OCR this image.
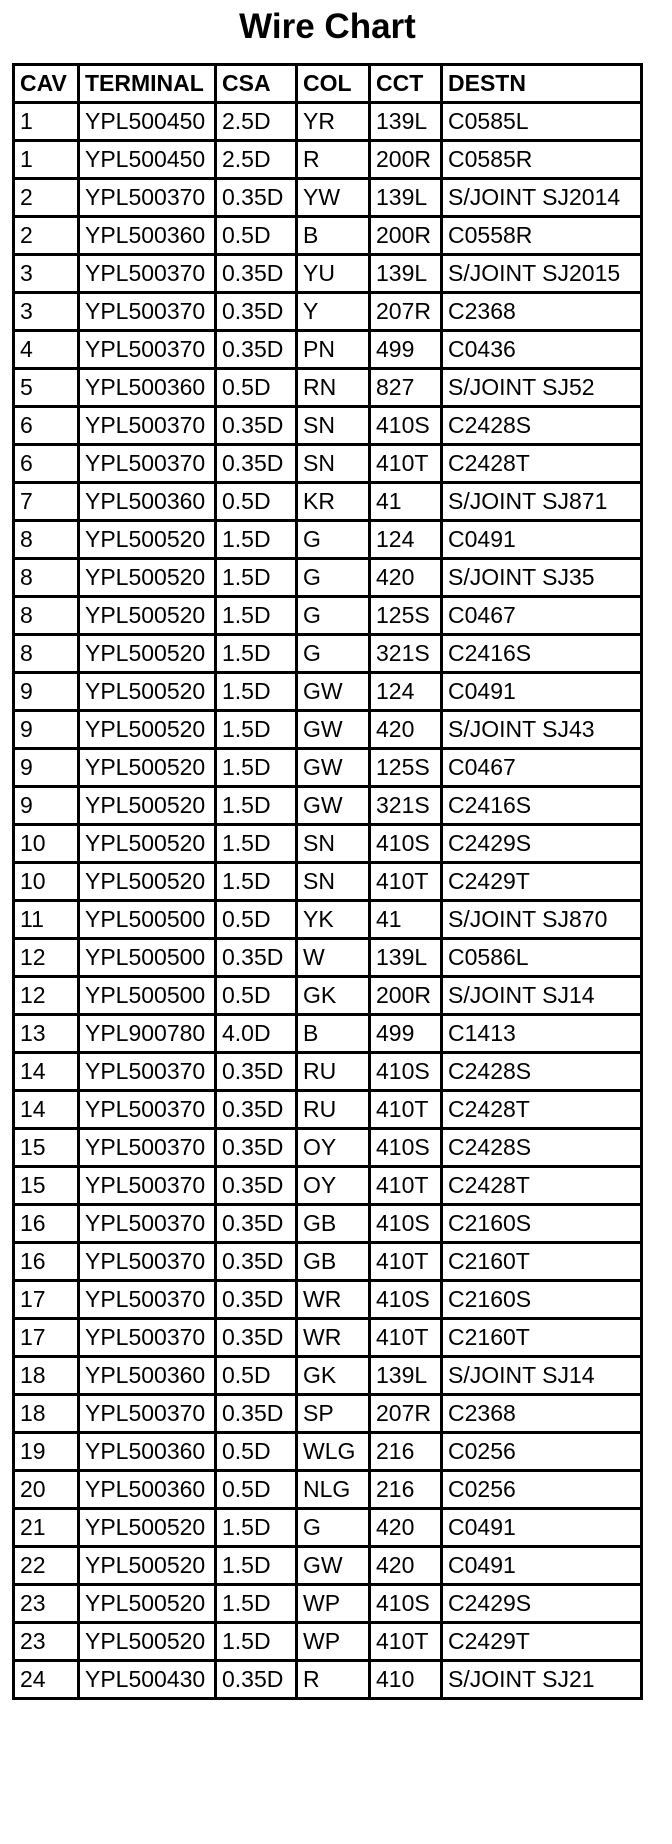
Wire Chart
CAV	TERMINAL	CSA	COL	CCT	DESTN
1	YPL500450	2.5D	YR	139L	C0585L
1	YPL500450	2.5D	R	200R	C0585R
2	YPL500370	0.35D	YW	139L	S/JOINT SJ2014
2	YPL500360	0.5D	B	200R	C0558R
3	YPL500370	0.35D	YU	139L	S/JOINT SJ2015
3	YPL500370	0.35D	Y	207R	C2368
4	YPL500370	0.35D	PN	499	C0436
5	YPL500360	0.5D	RN	827	S/JOINT SJ52
6	YPL500370	0.35D	SN	410S	C2428S
6	YPL500370	0.35D	SN	410T	C2428T
7	YPL500360	0.5D	KR	41	S/JOINT SJ871
8	YPL500520	1.5D	G	124	C0491
8	YPL500520	1.5D	G	420	S/JOINT SJ35
8	YPL500520	1.5D	G	125S	C0467
8	YPL500520	1.5D	G	321S	C2416S
9	YPL500520	1.5D	GW	124	C0491
9	YPL500520	1.5D	GW	420	S/JOINT SJ43
9	YPL500520	1.5D	GW	125S	C0467
9	YPL500520	1.5D	GW	321S	C2416S
10	YPL500520	1.5D	SN	410S	C2429S
10	YPL500520	1.5D	SN	410T	C2429T
11	YPL500500	0.5D	YK	41	S/JOINT SJ870
12	YPL500500	0.35D	W	139L	C0586L
12	YPL500500	0.5D	GK	200R	S/JOINT SJ14
13	YPL900780	4.0D	B	499	C1413
14	YPL500370	0.35D	RU	410S	C2428S
14	YPL500370	0.35D	RU	410T	C2428T
15	YPL500370	0.35D	OY	410S	C2428S
15	YPL500370	0.35D	OY	410T	C2428T
16	YPL500370	0.35D	GB	410S	C2160S
16	YPL500370	0.35D	GB	410T	C2160T
17	YPL500370	0.35D	WR	410S	C2160S
17	YPL500370	0.35D	WR	410T	C2160T
18	YPL500360	0.5D	GK	139L	S/JOINT SJ14
18	YPL500370	0.35D	SP	207R	C2368
19	YPL500360	0.5D	WLG	216	C0256
20	YPL500360	0.5D	NLG	216	C0256
21	YPL500520	1.5D	G	420	C0491
22	YPL500520	1.5D	GW	420	C0491
23	YPL500520	1.5D	WP	410S	C2429S
23	YPL500520	1.5D	WP	410T	C2429T
24	YPL500430	0.35D	R	410	S/JOINT SJ21
